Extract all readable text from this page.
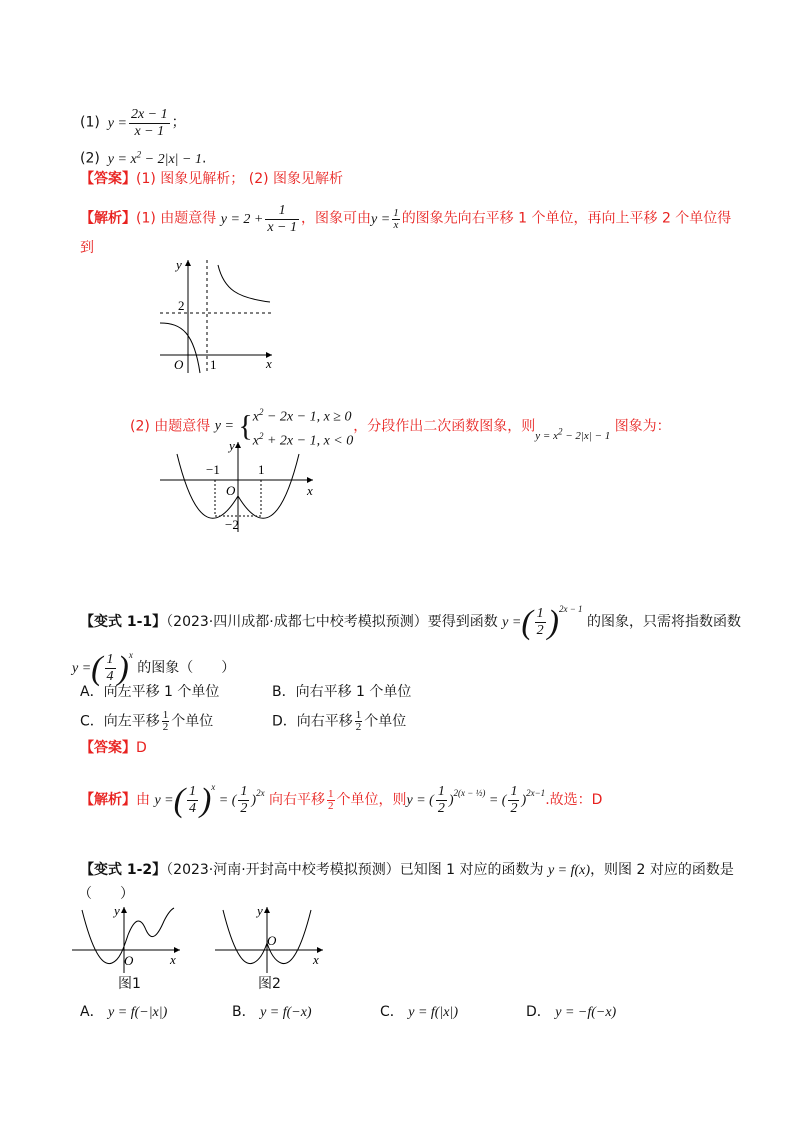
(1)  $y = \frac{2x - 1}{x - 1}$ ；
(2)  $y = x^2 - 2|x| - 1$.
【答案】(1) 图象见解析； (2) 图象见解析
【解析】(1) 由题意得 $y = 2 + \frac{1}{x - 1}$ ，图象可由$y = \frac{1}{x}$ 的图象先向右平移 1 个单位，再向上平移 2 个单位得
到
y
x
O
2
1
(2) 由题意得 $y = \{x^2 - 2x - 1$, x ≥ 0
$x^2 + 2x - 1$, x < 0，分段作出二次函数图象，则$_{y = x^2 - 2|x| - 1}$ 图象为：
y
x
O
−1	1
−2
【变式 1-1】（2023·四川成都·成都七中校考模拟预测）要得到函数 y =( $\frac{1}{2} )^{2x - 1}$ 的图象，只需将指数函数
y =( $\frac{1}{4} )^x$ 的图象（　　）
A．向左平移 1 个单位	B．向右平移 1 个单位
C．向左平移 $\frac{1}{2}$ 个单位	D．向右平移 $\frac{1}{2}$ 个单位
【答案】D
【解析】由 y =( $\frac{1}{4} )^x$ = ( $\frac{1}{2} )^{2x}$ 向右平移 $\frac{1}{2}$ 个单位，则y = ( $\frac{1}{2} )^{2(x - \frac{1}{2})}$ = ( $\frac{1}{2} )^{2x-1}$.故选：D
【变式 1-2】（2023·河南·开封高中校考模拟预测）已知图 1 对应的函数为 y = f(x)，则图 2 对应的函数是
（　　）
y
x
O
图1
y
x
O
图2
A． y = f(−|x|)	B． y = f(−x)	C． y = f(|x|)	D． y = −f(−x)
